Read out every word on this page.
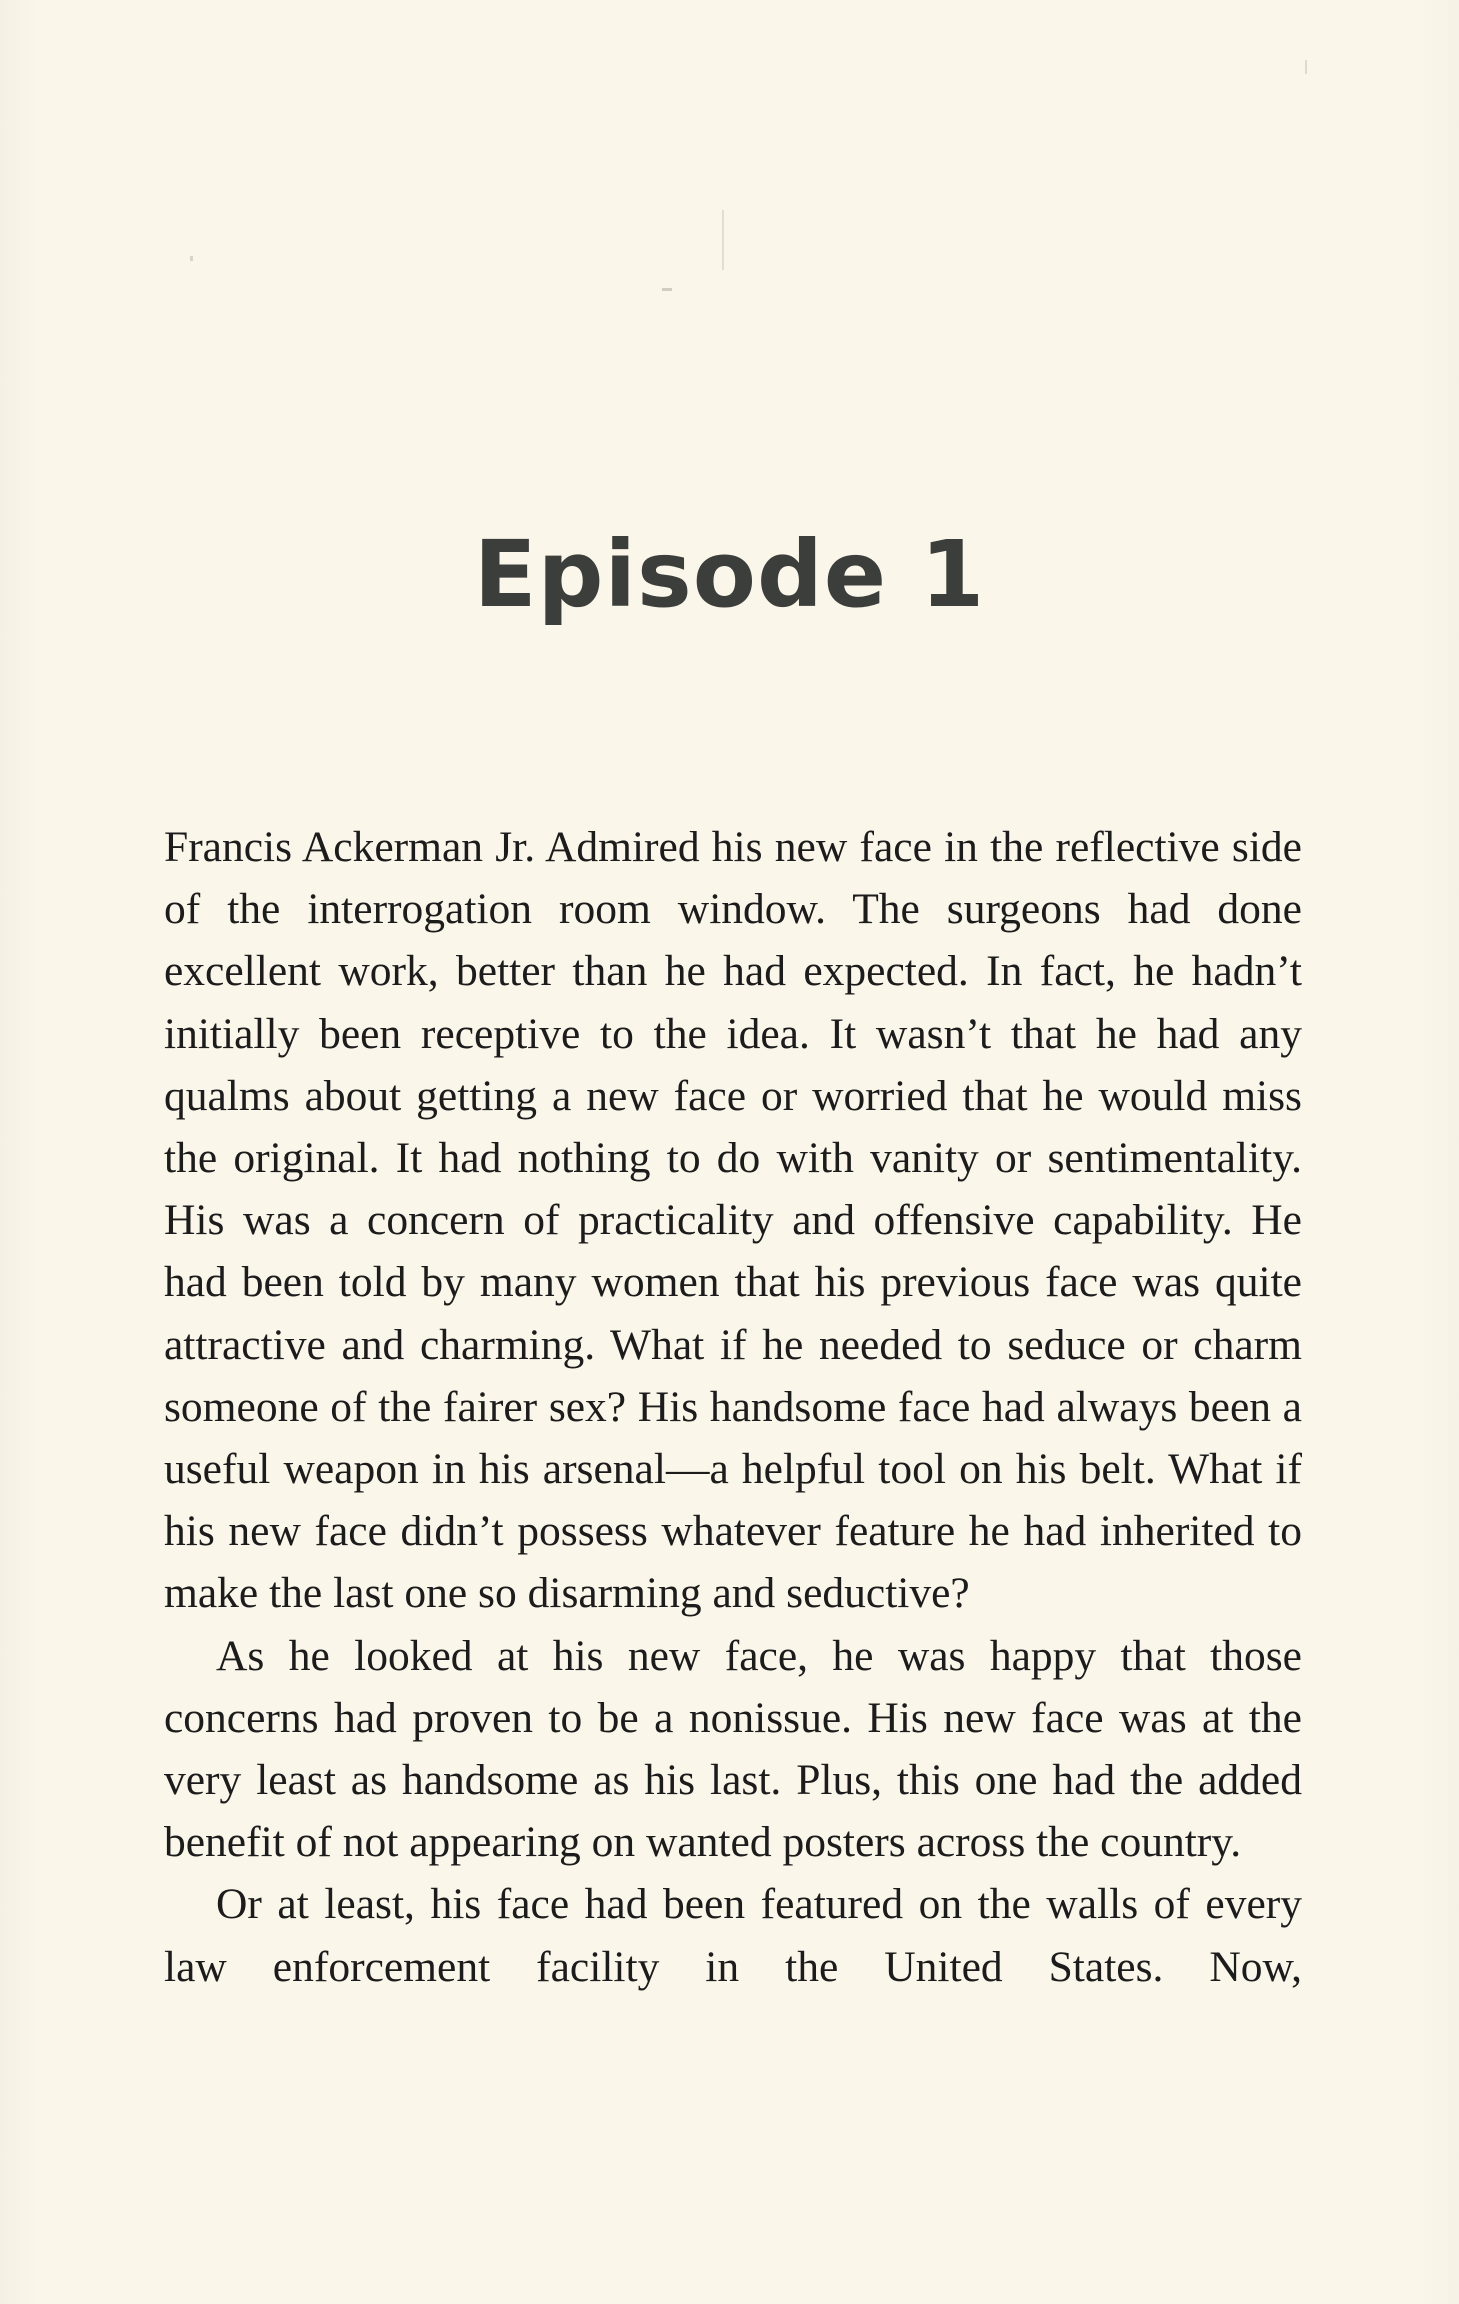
Episode 1

Francis Ackerman Jr. Admired his new face in the reflective side of the interrogation room window. The surgeons had done excellent work, better than he had expected. In fact, he hadn’t initially been receptive to the idea. It wasn’t that he had any qualms about getting a new face or worried that he would miss the original. It had nothing to do with vanity or sentimentality. His was a concern of practicality and offensive capability. He had been told by many women that his previous face was quite attractive and charming. What if he needed to seduce or charm someone of the fairer sex? His handsome face had always been a useful weapon in his arsenal—a helpful tool on his belt. What if his new face didn’t possess whatever feature he had inherited to make the last one so disarming and seductive?

As he looked at his new face, he was happy that those concerns had proven to be a nonissue. His new face was at the very least as handsome as his last. Plus, this one had the added benefit of not appearing on wanted posters across the country.

Or at least, his face had been featured on the walls of every law enforcement facility in the United States. Now,
